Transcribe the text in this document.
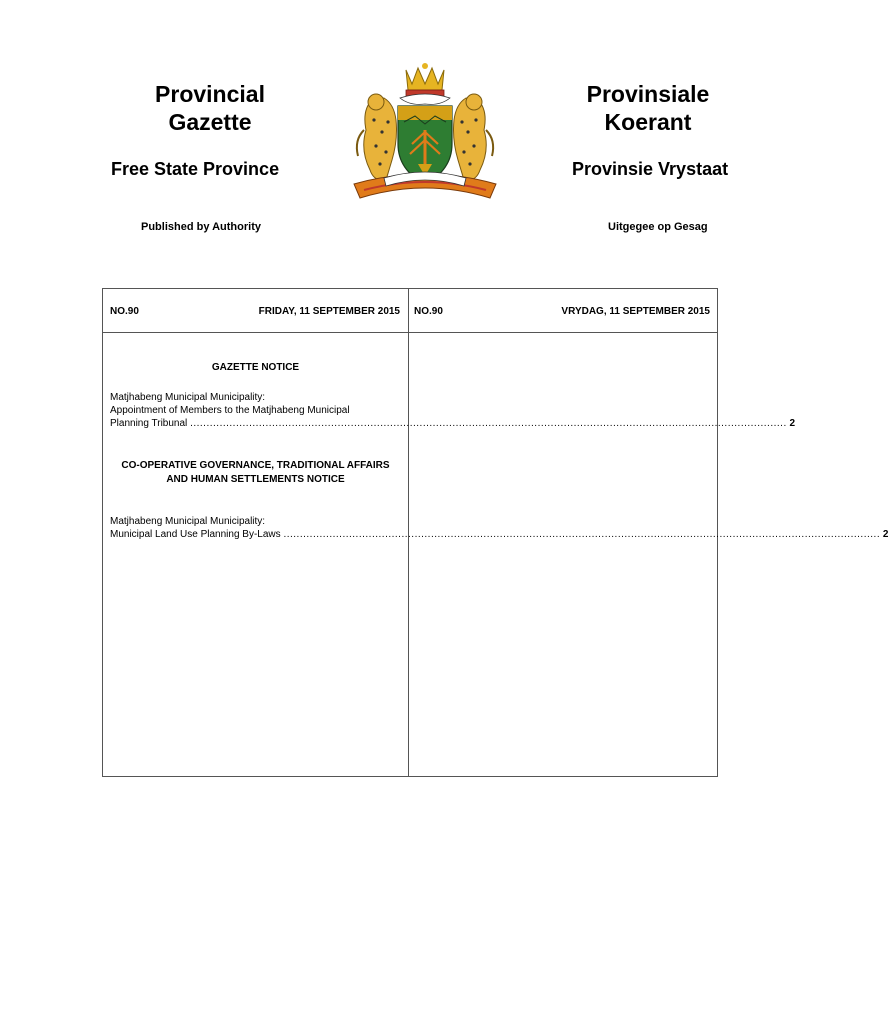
Provincial
Gazette
Provinsiale
Koerant
Free State Province	Provinsie Vrystaat
Published by Authority	Uitgegee op Gesag
NO.90	FRIDAY, 11 SEPTEMBER 2015 NO.90	VRYDAG, 11 SEPTEMBER 2015
GAZETTE NOTICE
Matjhabeng Municipal Municipality:
Appointment of Members to the Matjhabeng Municipal
Planning Tribunal .....	2
CO-OPERATIVE GOVERNANCE, TRADITIONAL AFFAIRS
AND HUMAN SETTLEMENTS NOTICE
Matjhabeng Municipal Municipality:
Municipal Land Use Planning By-Laws .....	2
